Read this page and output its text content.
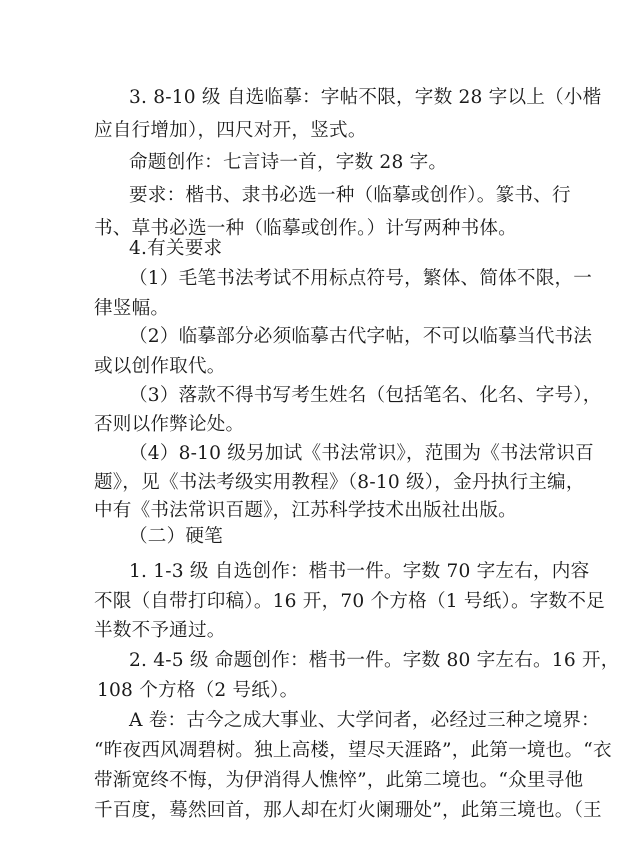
3. 8-10 级 自选临摹：字帖不限，字数 28 字以上（小楷
应自行增加），四尺对开，竖式。
命题创作：七言诗一首，字数 28 字。
要求：楷书、隶书必选一种（临摹或创作）。篆书、行
书、草书必选一种（临摹或创作。）计写两种书体。
4.有关要求
（1）毛笔书法考试不用标点符号，繁体、简体不限，一
律竖幅。
（2）临摹部分必须临摹古代字帖，不可以临摹当代书法
或以创作取代。
（3）落款不得书写考生姓名（包括笔名、化名、字号），
否则以作弊论处。
（4）8-10 级另加试《书法常识》，范围为《书法常识百
题》，见《书法考级实用教程》（8-10 级），金丹执行主编，
中有《书法常识百题》，江苏科学技术出版社出版。
（二）硬笔
1. 1-3 级 自选创作：楷书一件。字数 70 字左右，内容
不限（自带打印稿）。16 开，70 个方格（1 号纸）。字数不足
半数不予通过。
2. 4-5 级 命题创作：楷书一件。字数 80 字左右。16 开，
108 个方格（2 号纸）。
A 卷：古今之成大事业、大学问者，必经过三种之境界：
“昨夜西风凋碧树。独上高楼，望尽天涯路”，此第一境也。“衣
带渐宽终不悔，为伊消得人憔悴”，此第二境也。“众里寻他
千百度，蓦然回首，那人却在灯火阑珊处”，此第三境也。（王
